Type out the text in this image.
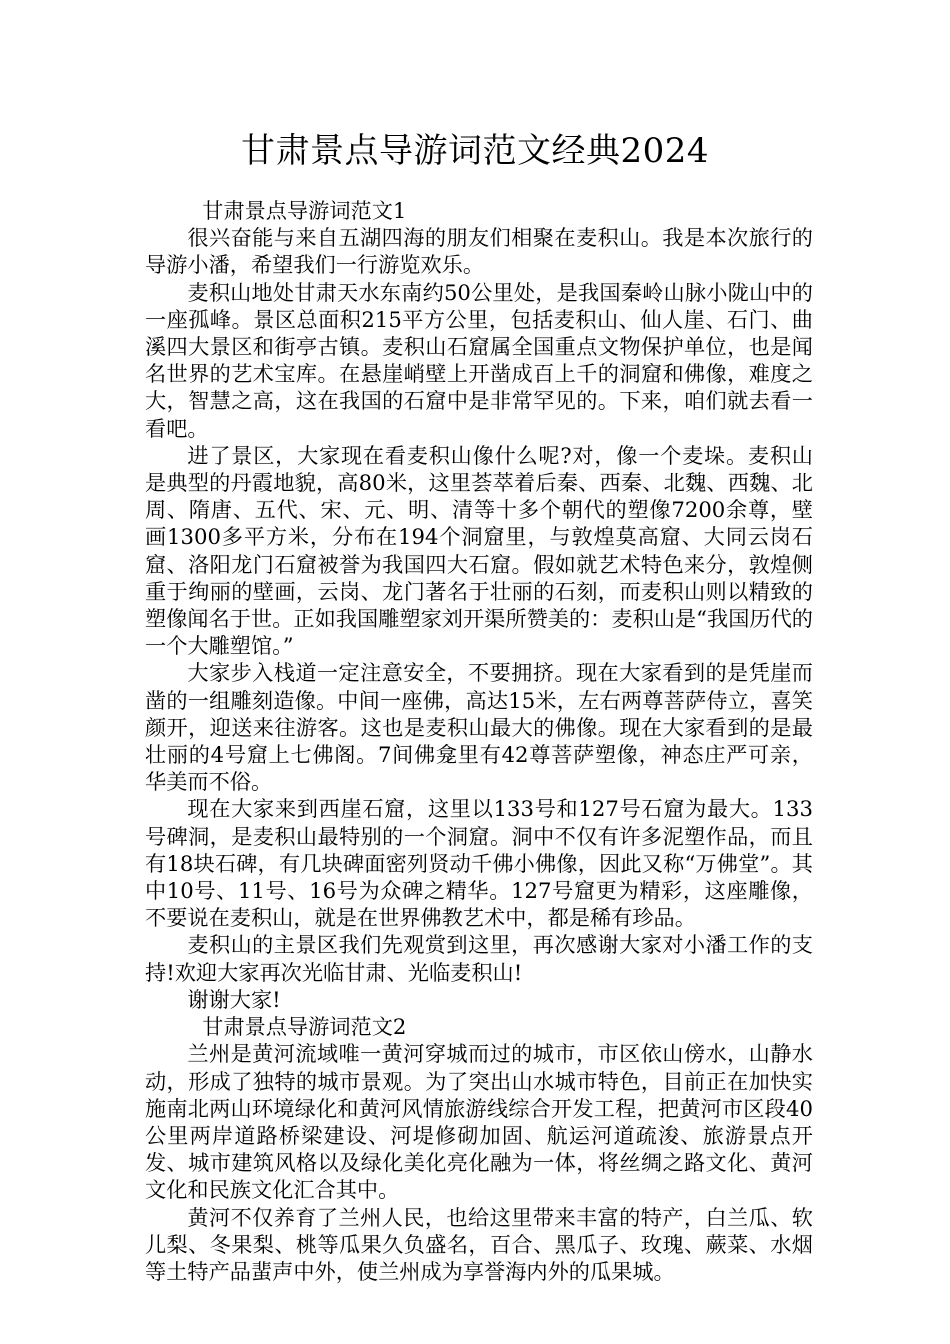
甘肃景点导游词范文经典2024

甘肃景点导游词范文1

很兴奋能与来自五湖四海的朋友们相聚在麦积山。我是本次旅行的导游小潘，希望我们一行游览欢乐。

麦积山地处甘肃天水东南约50公里处，是我国秦岭山脉小陇山中的一座孤峰。景区总面积215平方公里，包括麦积山、仙人崖、石门、曲溪四大景区和街亭古镇。麦积山石窟属全国重点文物保护单位，也是闻名世界的艺术宝库。在悬崖峭壁上开凿成百上千的洞窟和佛像，难度之大，智慧之高，这在我国的石窟中是非常罕见的。下来，咱们就去看一看吧。

进了景区，大家现在看麦积山像什么呢?对，像一个麦垛。麦积山是典型的丹霞地貌，高80米，这里荟萃着后秦、西秦、北魏、西魏、北周、隋唐、五代、宋、元、明、清等十多个朝代的塑像7200余尊，壁画1300多平方米，分布在194个洞窟里，与敦煌莫高窟、大同云岗石窟、洛阳龙门石窟被誉为我国四大石窟。假如就艺术特色来分，敦煌侧重于绚丽的壁画，云岗、龙门著名于壮丽的石刻，而麦积山则以精致的塑像闻名于世。正如我国雕塑家刘开渠所赞美的：麦积山是“我国历代的一个大雕塑馆。”

大家步入栈道一定注意安全，不要拥挤。现在大家看到的是凭崖而凿的一组雕刻造像。中间一座佛，高达15米，左右两尊菩萨侍立，喜笑颜开，迎送来往游客。这也是麦积山最大的佛像。现在大家看到的是最壮丽的4号窟上七佛阁。7间佛龛里有42尊菩萨塑像，神态庄严可亲，华美而不俗。

现在大家来到西崖石窟，这里以133号和127号石窟为最大。133号碑洞，是麦积山最特别的一个洞窟。洞中不仅有许多泥塑作品，而且有18块石碑，有几块碑面密列贤动千佛小佛像，因此又称“万佛堂”。其中10号、11号、16号为众碑之精华。127号窟更为精彩，这座雕像，不要说在麦积山，就是在世界佛教艺术中，都是稀有珍品。

麦积山的主景区我们先观赏到这里，再次感谢大家对小潘工作的支持!欢迎大家再次光临甘肃、光临麦积山!

谢谢大家!

甘肃景点导游词范文2

兰州是黄河流域唯一黄河穿城而过的城市，市区依山傍水，山静水动，形成了独特的城市景观。为了突出山水城市特色，目前正在加快实施南北两山环境绿化和黄河风情旅游线综合开发工程，把黄河市区段40公里两岸道路桥梁建设、河堤修砌加固、航运河道疏浚、旅游景点开发、城市建筑风格以及绿化美化亮化融为一体，将丝绸之路文化、黄河文化和民族文化汇合其中。

黄河不仅养育了兰州人民，也给这里带来丰富的特产，白兰瓜、软儿梨、冬果梨、桃等瓜果久负盛名，百合、黑瓜子、玫瑰、蕨菜、水烟等土特产品蜚声中外，使兰州成为享誉海内外的瓜果城。
